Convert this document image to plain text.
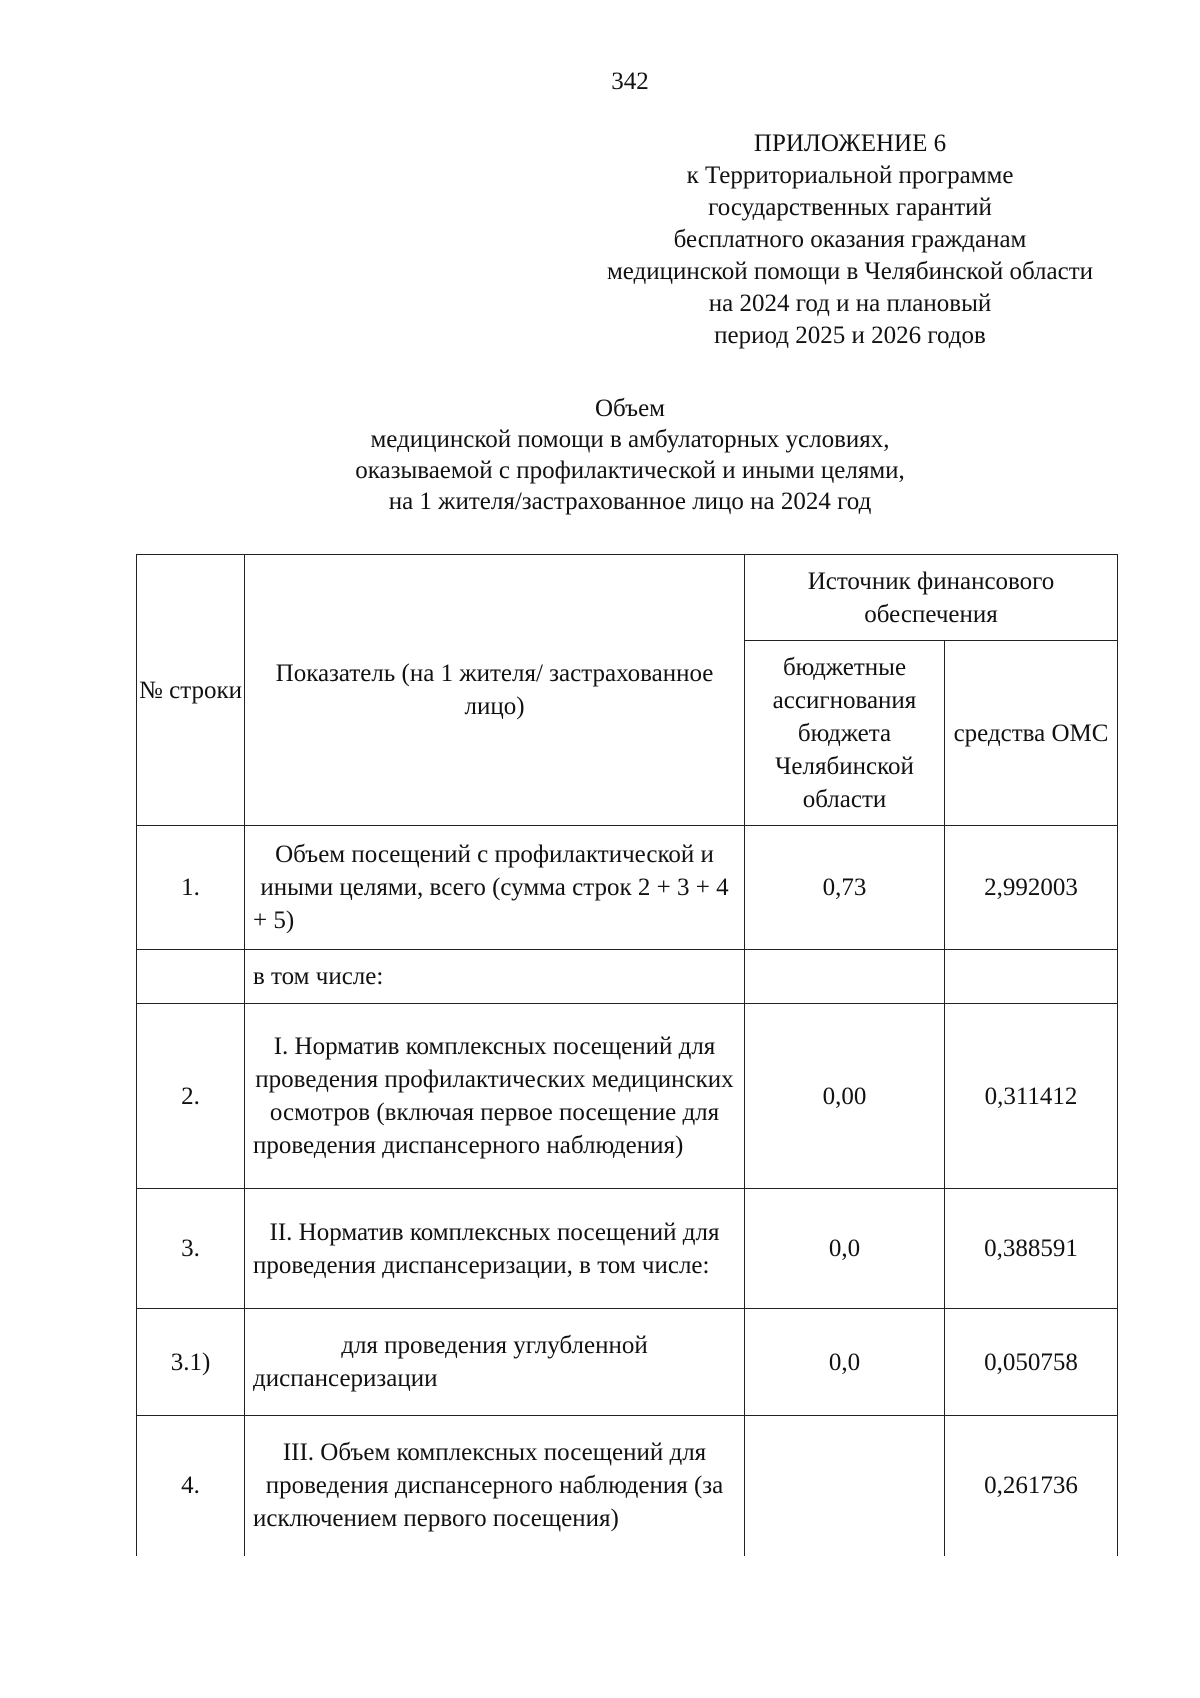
342
ПРИЛОЖЕНИЕ 6
к Территориальной программе
государственных гарантий
бесплатного оказания гражданам
медицинской помощи в Челябинской области
на 2024 год и на плановый
период 2025 и 2026 годов
Объем
медицинской помощи в амбулаторных условиях,
оказываемой с профилактической и иными целями,
на 1 жителя/застрахованное лицо на 2024 год
№ строки	Показатель (на 1 жителя/ застрахованное лицо)	Источник финансового обеспечения	
		бюджетные ассигнования бюджета Челябинской области	средства ОМС
1.	Объем посещений с профилактической и иными целями, всего (сумма строк 2 + 3 + 4 + 5)	0,73	2,992003
	в том числе:		
2.	I. Норматив комплексных посещений для проведения профилактических медицинских осмотров (включая первое посещение для проведения диспансерного наблюдения)	0,00	0,311412
3.	II. Норматив комплексных посещений для проведения диспансеризации, в том числе:	0,0	0,388591
3.1)	для проведения углубленной диспансеризации	0,0	0,050758
4.	III. Объем комплексных посещений для проведения диспансерного наблюдения (за исключением первого посещения)		0,261736
